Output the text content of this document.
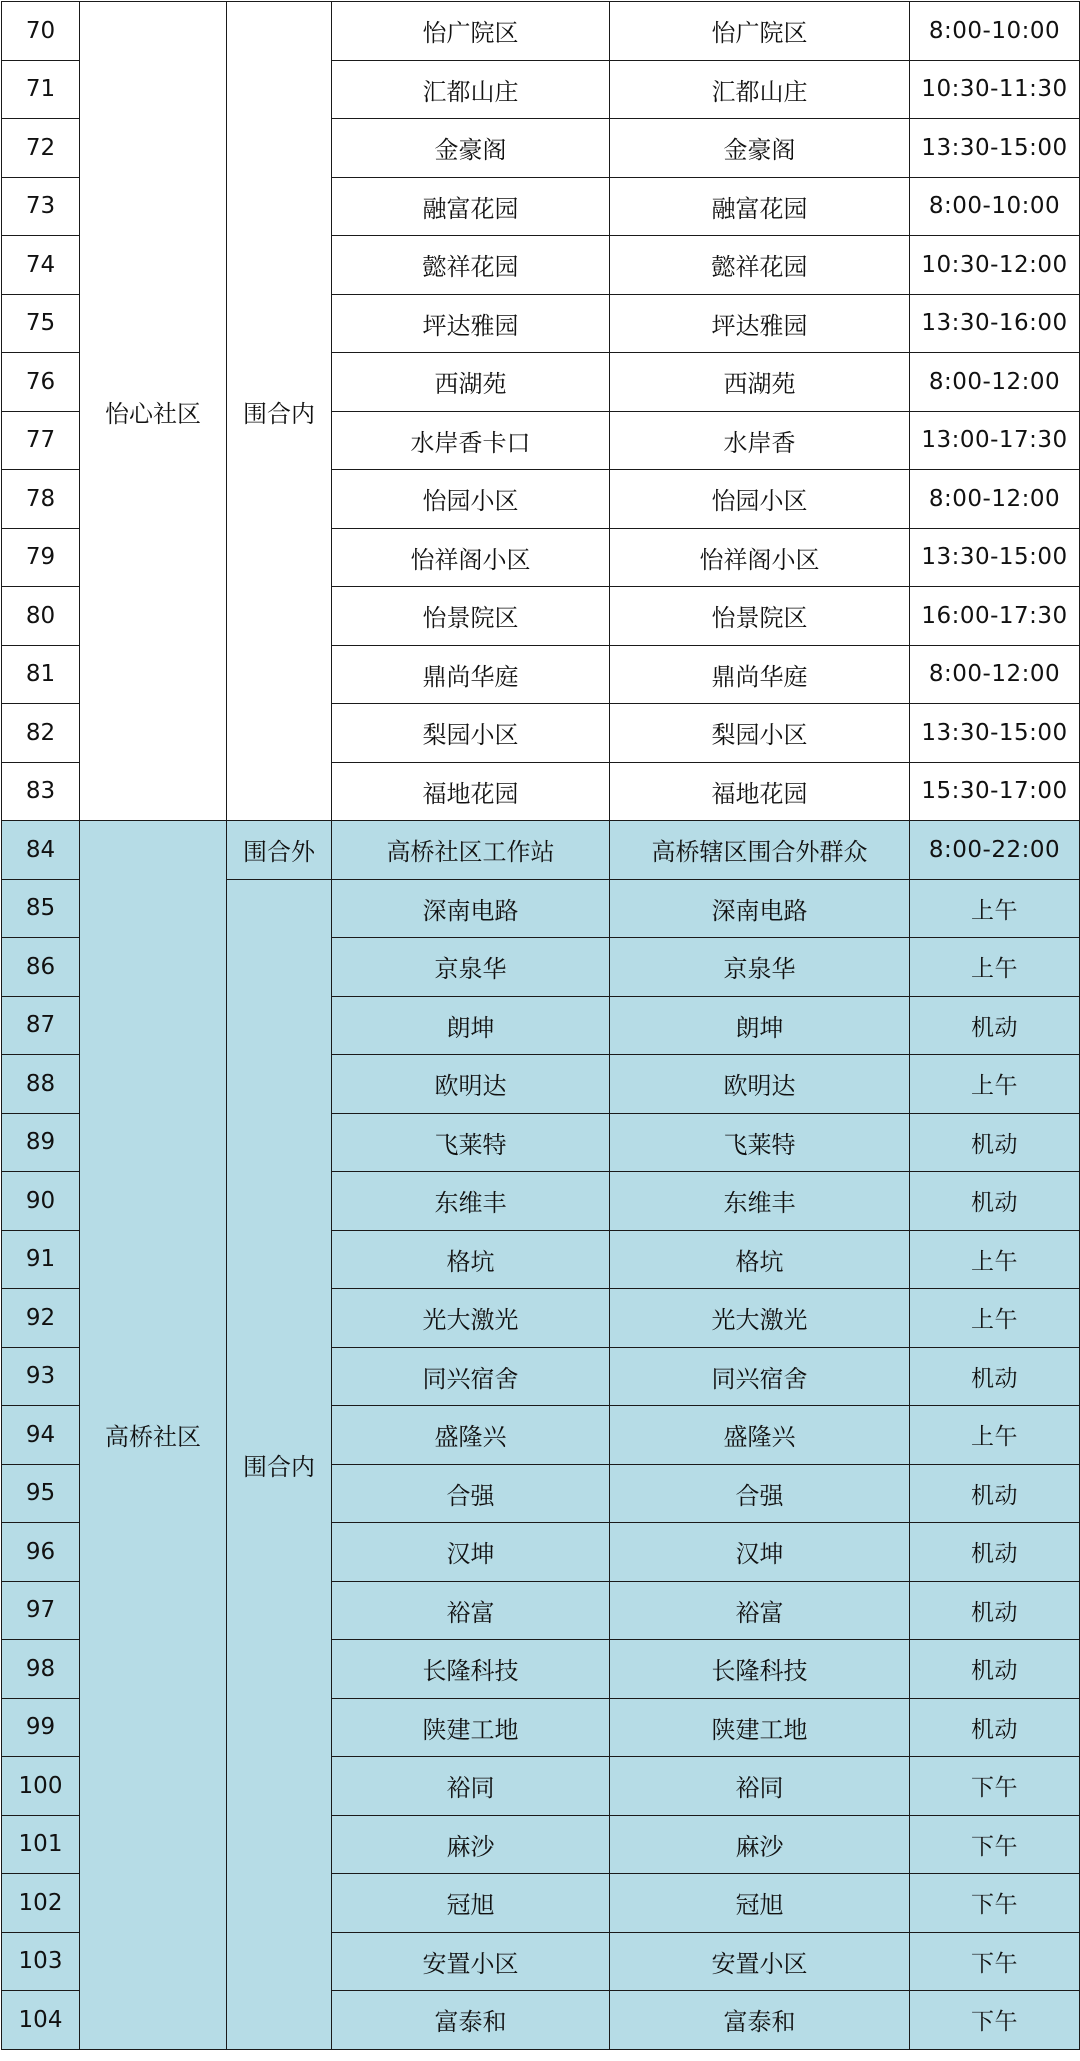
70	怡心社区	围合内	怡广院区	怡广院区	8:00-10:00
71			汇都山庄	汇都山庄	10:30-11:30
72			金豪阁	金豪阁	13:30-15:00
73			融富花园	融富花园	8:00-10:00
74			懿祥花园	懿祥花园	10:30-12:00
75			坪达雅园	坪达雅园	13:30-16:00
76			西湖苑	西湖苑	8:00-12:00
77			水岸香卡口	水岸香	13:00-17:30
78			怡园小区	怡园小区	8:00-12:00
79			怡祥阁小区	怡祥阁小区	13:30-15:00
80			怡景院区	怡景院区	16:00-17:30
81			鼎尚华庭	鼎尚华庭	8:00-12:00
82			梨园小区	梨园小区	13:30-15:00
83			福地花园	福地花园	15:30-17:00
84	高桥社区	围合外	高桥社区工作站	高桥辖区围合外群众	8:00-22:00
85		围合内	深南电路	深南电路	上午
86			京泉华	京泉华	上午
87			朗坤	朗坤	机动
88			欧明达	欧明达	上午
89			飞莱特	飞莱特	机动
90			东维丰	东维丰	机动
91			格坑	格坑	上午
92			光大激光	光大激光	上午
93			同兴宿舍	同兴宿舍	机动
94			盛隆兴	盛隆兴	上午
95			合强	合强	机动
96			汉坤	汉坤	机动
97			裕富	裕富	机动
98			长隆科技	长隆科技	机动
99			陕建工地	陕建工地	机动
100			裕同	裕同	下午
101			麻沙	麻沙	下午
102			冠旭	冠旭	下午
103			安置小区	安置小区	下午
104			富泰和	富泰和	下午
